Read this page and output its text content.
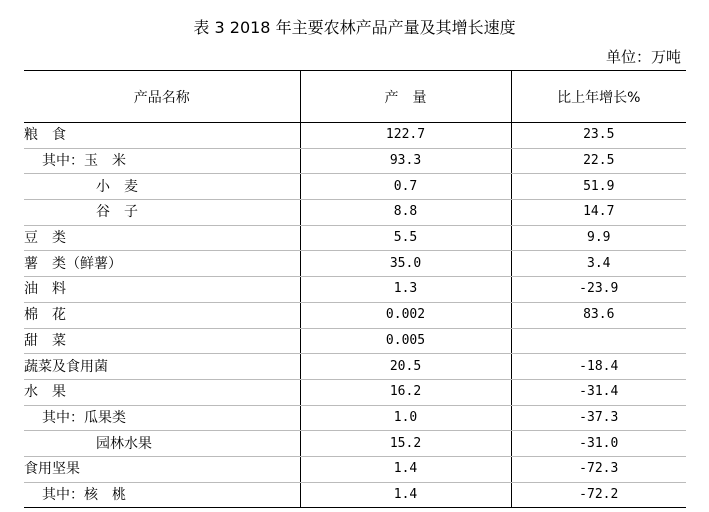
表 3 2018 年主要农林产品产量及其增长速度
单位：万吨
产品名称	产　量	比上年增长%
粮　食	122.7	23.5
其中：玉　米	93.3	22.5
小　麦	0.7	51.9
谷　子	8.8	14.7
豆　类	5.5	9.9
薯　类（鲜薯）	35.0	3.4
油　料	1.3	-23.9
棉　花	0.002	83.6
甜　菜	0.005	
蔬菜及食用菌	20.5	-18.4
水　果	16.2	-31.4
其中：瓜果类	1.0	-37.3
园林水果	15.2	-31.0
食用坚果	1.4	-72.3
其中：核　桃	1.4	-72.2
